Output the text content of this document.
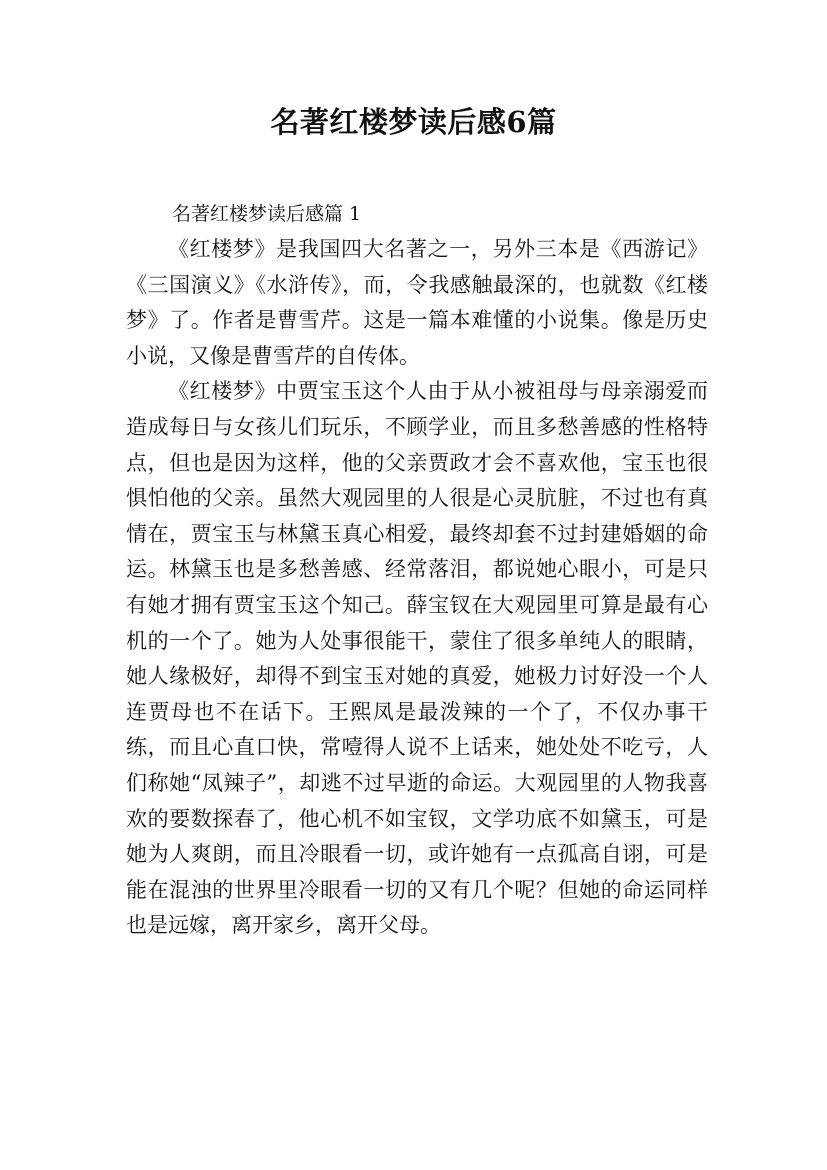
名著红楼梦读后感6篇

名著红楼梦读后感篇 1

《红楼梦》是我国四大名著之一，另外三本是《西游记》《三国演义》《水浒传》，而，令我感触最深的，也就数《红楼梦》了。作者是曹雪芹。这是一篇本难懂的小说集。像是历史小说，又像是曹雪芹的自传体。

《红楼梦》中贾宝玉这个人由于从小被祖母与母亲溺爱而造成每日与女孩儿们玩乐，不顾学业，而且多愁善感的性格特点，但也是因为这样，他的父亲贾政才会不喜欢他，宝玉也很惧怕他的父亲。虽然大观园里的人很是心灵肮脏，不过也有真情在，贾宝玉与林黛玉真心相爱，最终却套不过封建婚姻的命运。林黛玉也是多愁善感、经常落泪，都说她心眼小，可是只有她才拥有贾宝玉这个知己。薛宝钗在大观园里可算是最有心机的一个了。她为人处事很能干，蒙住了很多单纯人的眼睛，她人缘极好，却得不到宝玉对她的真爱，她极力讨好没一个人连贾母也不在话下。王熙凤是最泼辣的一个了，不仅办事干练，而且心直口快，常噎得人说不上话来，她处处不吃亏，人们称她“凤辣子”，却逃不过早逝的命运。大观园里的人物我喜欢的要数探春了，他心机不如宝钗，文学功底不如黛玉，可是她为人爽朗，而且冷眼看一切，或许她有一点孤高自诩，可是能在混浊的世界里冷眼看一切的又有几个呢？但她的命运同样也是远嫁，离开家乡，离开父母。
